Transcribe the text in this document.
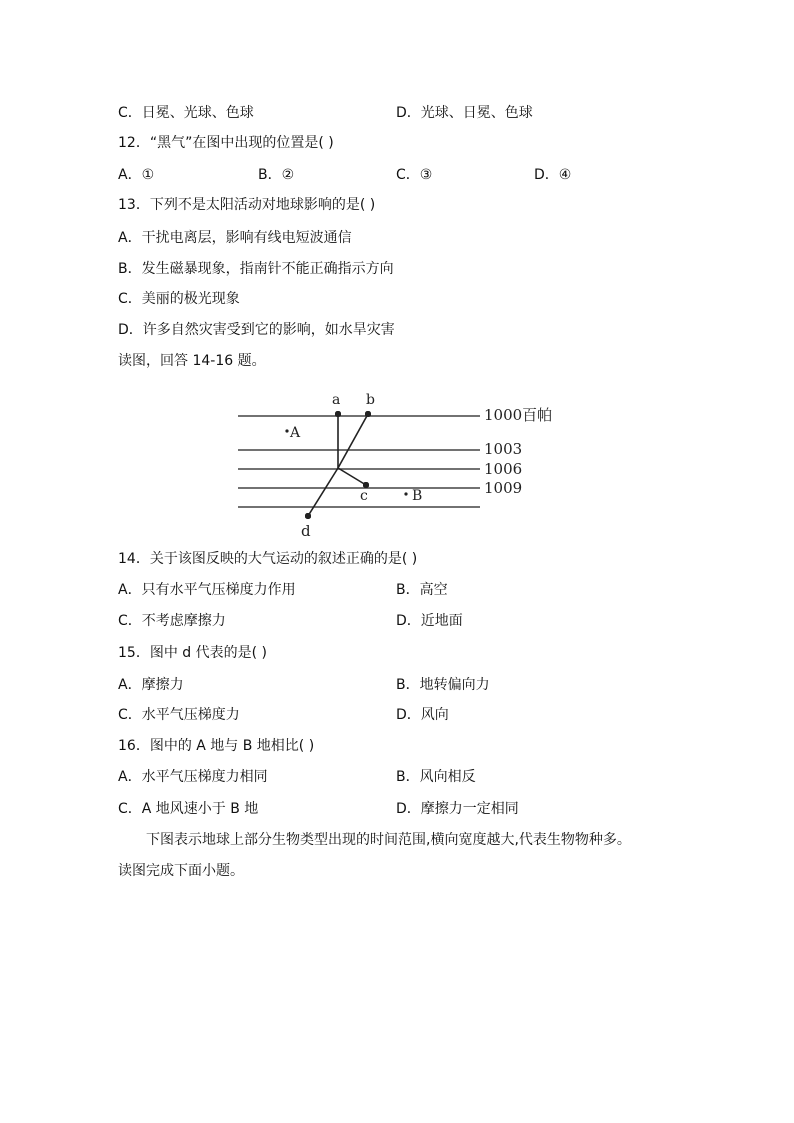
C．日冕、光球、色球	D．光球、日冕、色球
12．“黑气”在图中出现的位置是( )
A．①	B．②	C．③	D．④
13．下列不是太阳活动对地球影响的是( )
A．干扰电离层，影响有线电短波通信
B．发生磁暴现象，指南针不能正确指示方向
C．美丽的极光现象
D．许多自然灾害受到它的影响，如水旱灾害
读图，回答 14-16 题。
a b
c
d
A
B
1000百帕
1003
1006
1009
14．关于该图反映的大气运动的叙述正确的是( )
A．只有水平气压梯度力作用	B．高空
C．不考虑摩擦力	D．近地面
15．图中 d 代表的是( )
A．摩擦力	B．地转偏向力
C．水平气压梯度力	D．风向
16．图中的 A 地与 B 地相比( )
A．水平气压梯度力相同	B．风向相反
C．A 地风速小于 B 地	D．摩擦力一定相同
下图表示地球上部分生物类型出现的时间范围,横向宽度越大,代表生物物种多。
读图完成下面小题。
